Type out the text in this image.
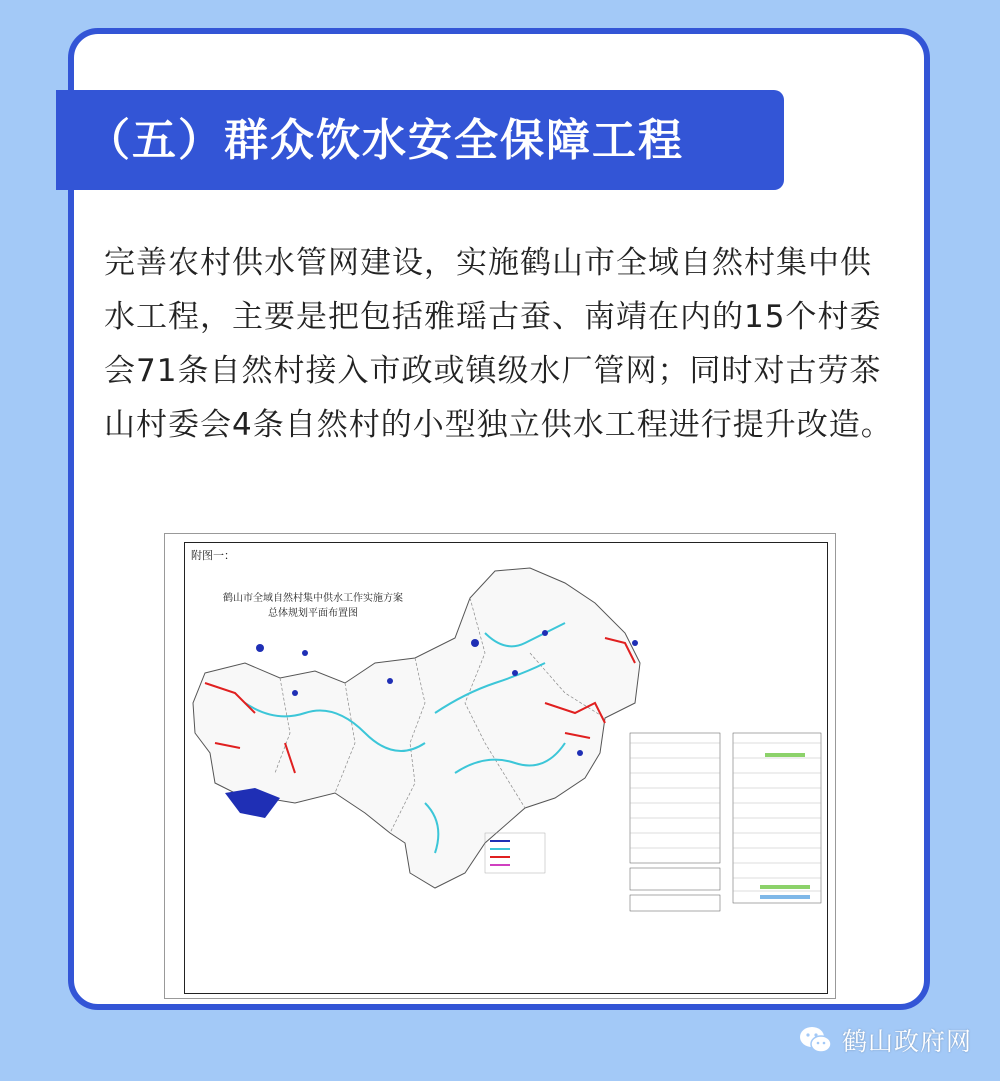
（五）群众饮水安全保障工程
完善农村供水管网建设，实施鹤山市全域自然村集中供水工程，主要是把包括雅瑶古蚕、南靖在内的15个村委会71条自然村接入市政或镇级水厂管网；同时对古劳茶山村委会4条自然村的小型独立供水工程进行提升改造。
附图一：
鹤山市全域自然村集中供水工作实施方案
总体规划平面布置图
鹤山政府网
